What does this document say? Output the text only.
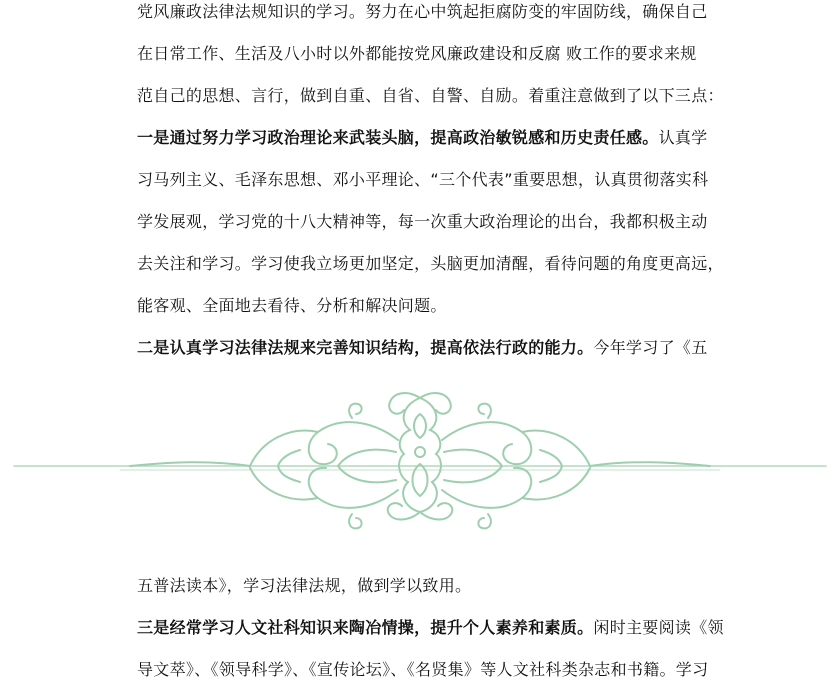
党风廉政法律法规知识的学习。努力在心中筑起拒腐防变的牢固防线，确保自己
在日常工作、生活及八小时以外都能按党风廉政建设和反腐 败工作的要求来规
范自己的思想、言行，做到自重、自省、自警、自励。着重注意做到了以下三点：
一是通过努力学习政治理论来武装头脑，提高政治敏锐感和历史责任感。认真学
习马列主义、毛泽东思想、邓小平理论、“三个代表”重要思想，认真贯彻落实科
学发展观，学习党的十八大精神等，每一次重大政治理论的出台，我都积极主动
去关注和学习。学习使我立场更加坚定，头脑更加清醒，看待问题的角度更高远，
能客观、全面地去看待、分析和解决问题。
二是认真学习法律法规来完善知识结构，提高依法行政的能力。今年学习了《五
五普法读本》，学习法律法规，做到学以致用。
三是经常学习人文社科知识来陶冶情操，提升个人素养和素质。闲时主要阅读《领
导文萃》、《领导科学》、《宣传论坛》、《名贤集》等人文社科类杂志和书籍。学习
